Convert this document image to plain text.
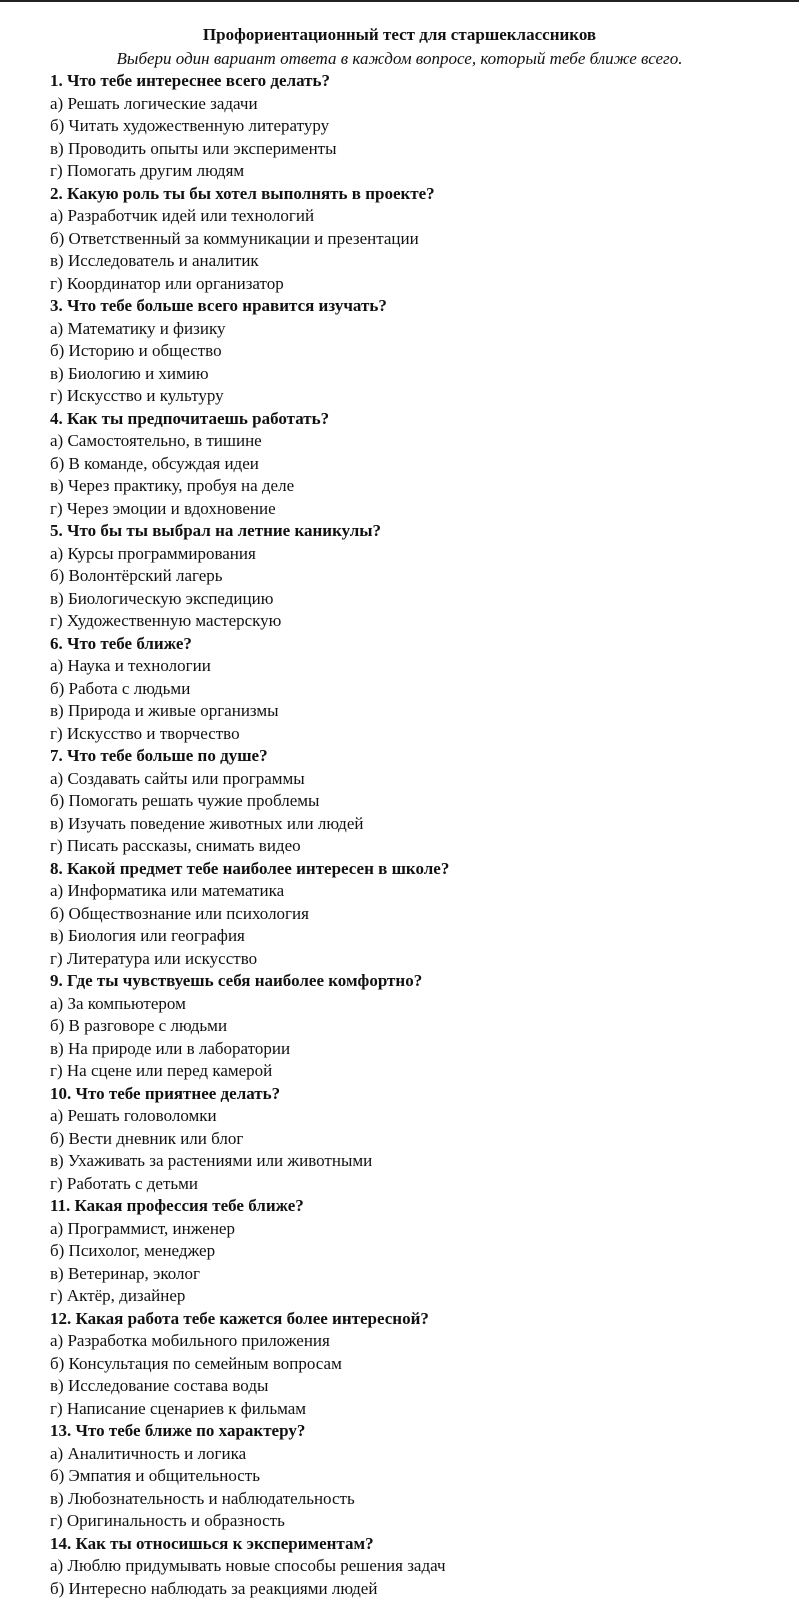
Профориентационный тест для старшеклассников
Выбери один вариант ответа в каждом вопросе, который тебе ближе всего.
1. Что тебе интереснее всего делать?
а) Решать логические задачи
б) Читать художественную литературу
в) Проводить опыты или эксперименты
г) Помогать другим людям
2. Какую роль ты бы хотел выполнять в проекте?
а) Разработчик идей или технологий
б) Ответственный за коммуникации и презентации
в) Исследователь и аналитик
г) Координатор или организатор
3. Что тебе больше всего нравится изучать?
а) Математику и физику
б) Историю и общество
в) Биологию и химию
г) Искусство и культуру
4. Как ты предпочитаешь работать?
а) Самостоятельно, в тишине
б) В команде, обсуждая идеи
в) Через практику, пробуя на деле
г) Через эмоции и вдохновение
5. Что бы ты выбрал на летние каникулы?
а) Курсы программирования
б) Волонтёрский лагерь
в) Биологическую экспедицию
г) Художественную мастерскую
6. Что тебе ближе?
а) Наука и технологии
б) Работа с людьми
в) Природа и живые организмы
г) Искусство и творчество
7. Что тебе больше по душе?
а) Создавать сайты или программы
б) Помогать решать чужие проблемы
в) Изучать поведение животных или людей
г) Писать рассказы, снимать видео
8. Какой предмет тебе наиболее интересен в школе?
а) Информатика или математика
б) Обществознание или психология
в) Биология или география
г) Литература или искусство
9. Где ты чувствуешь себя наиболее комфортно?
а) За компьютером
б) В разговоре с людьми
в) На природе или в лаборатории
г) На сцене или перед камерой
10. Что тебе приятнее делать?
а) Решать головоломки
б) Вести дневник или блог
в) Ухаживать за растениями или животными
г) Работать с детьми
11. Какая профессия тебе ближе?
а) Программист, инженер
б) Психолог, менеджер
в) Ветеринар, эколог
г) Актёр, дизайнер
12. Какая работа тебе кажется более интересной?
а) Разработка мобильного приложения
б) Консультация по семейным вопросам
в) Исследование состава воды
г) Написание сценариев к фильмам
13. Что тебе ближе по характеру?
а) Аналитичность и логика
б) Эмпатия и общительность
в) Любознательность и наблюдательность
г) Оригинальность и образность
14. Как ты относишься к экспериментам?
а) Люблю придумывать новые способы решения задач
б) Интересно наблюдать за реакциями людей
